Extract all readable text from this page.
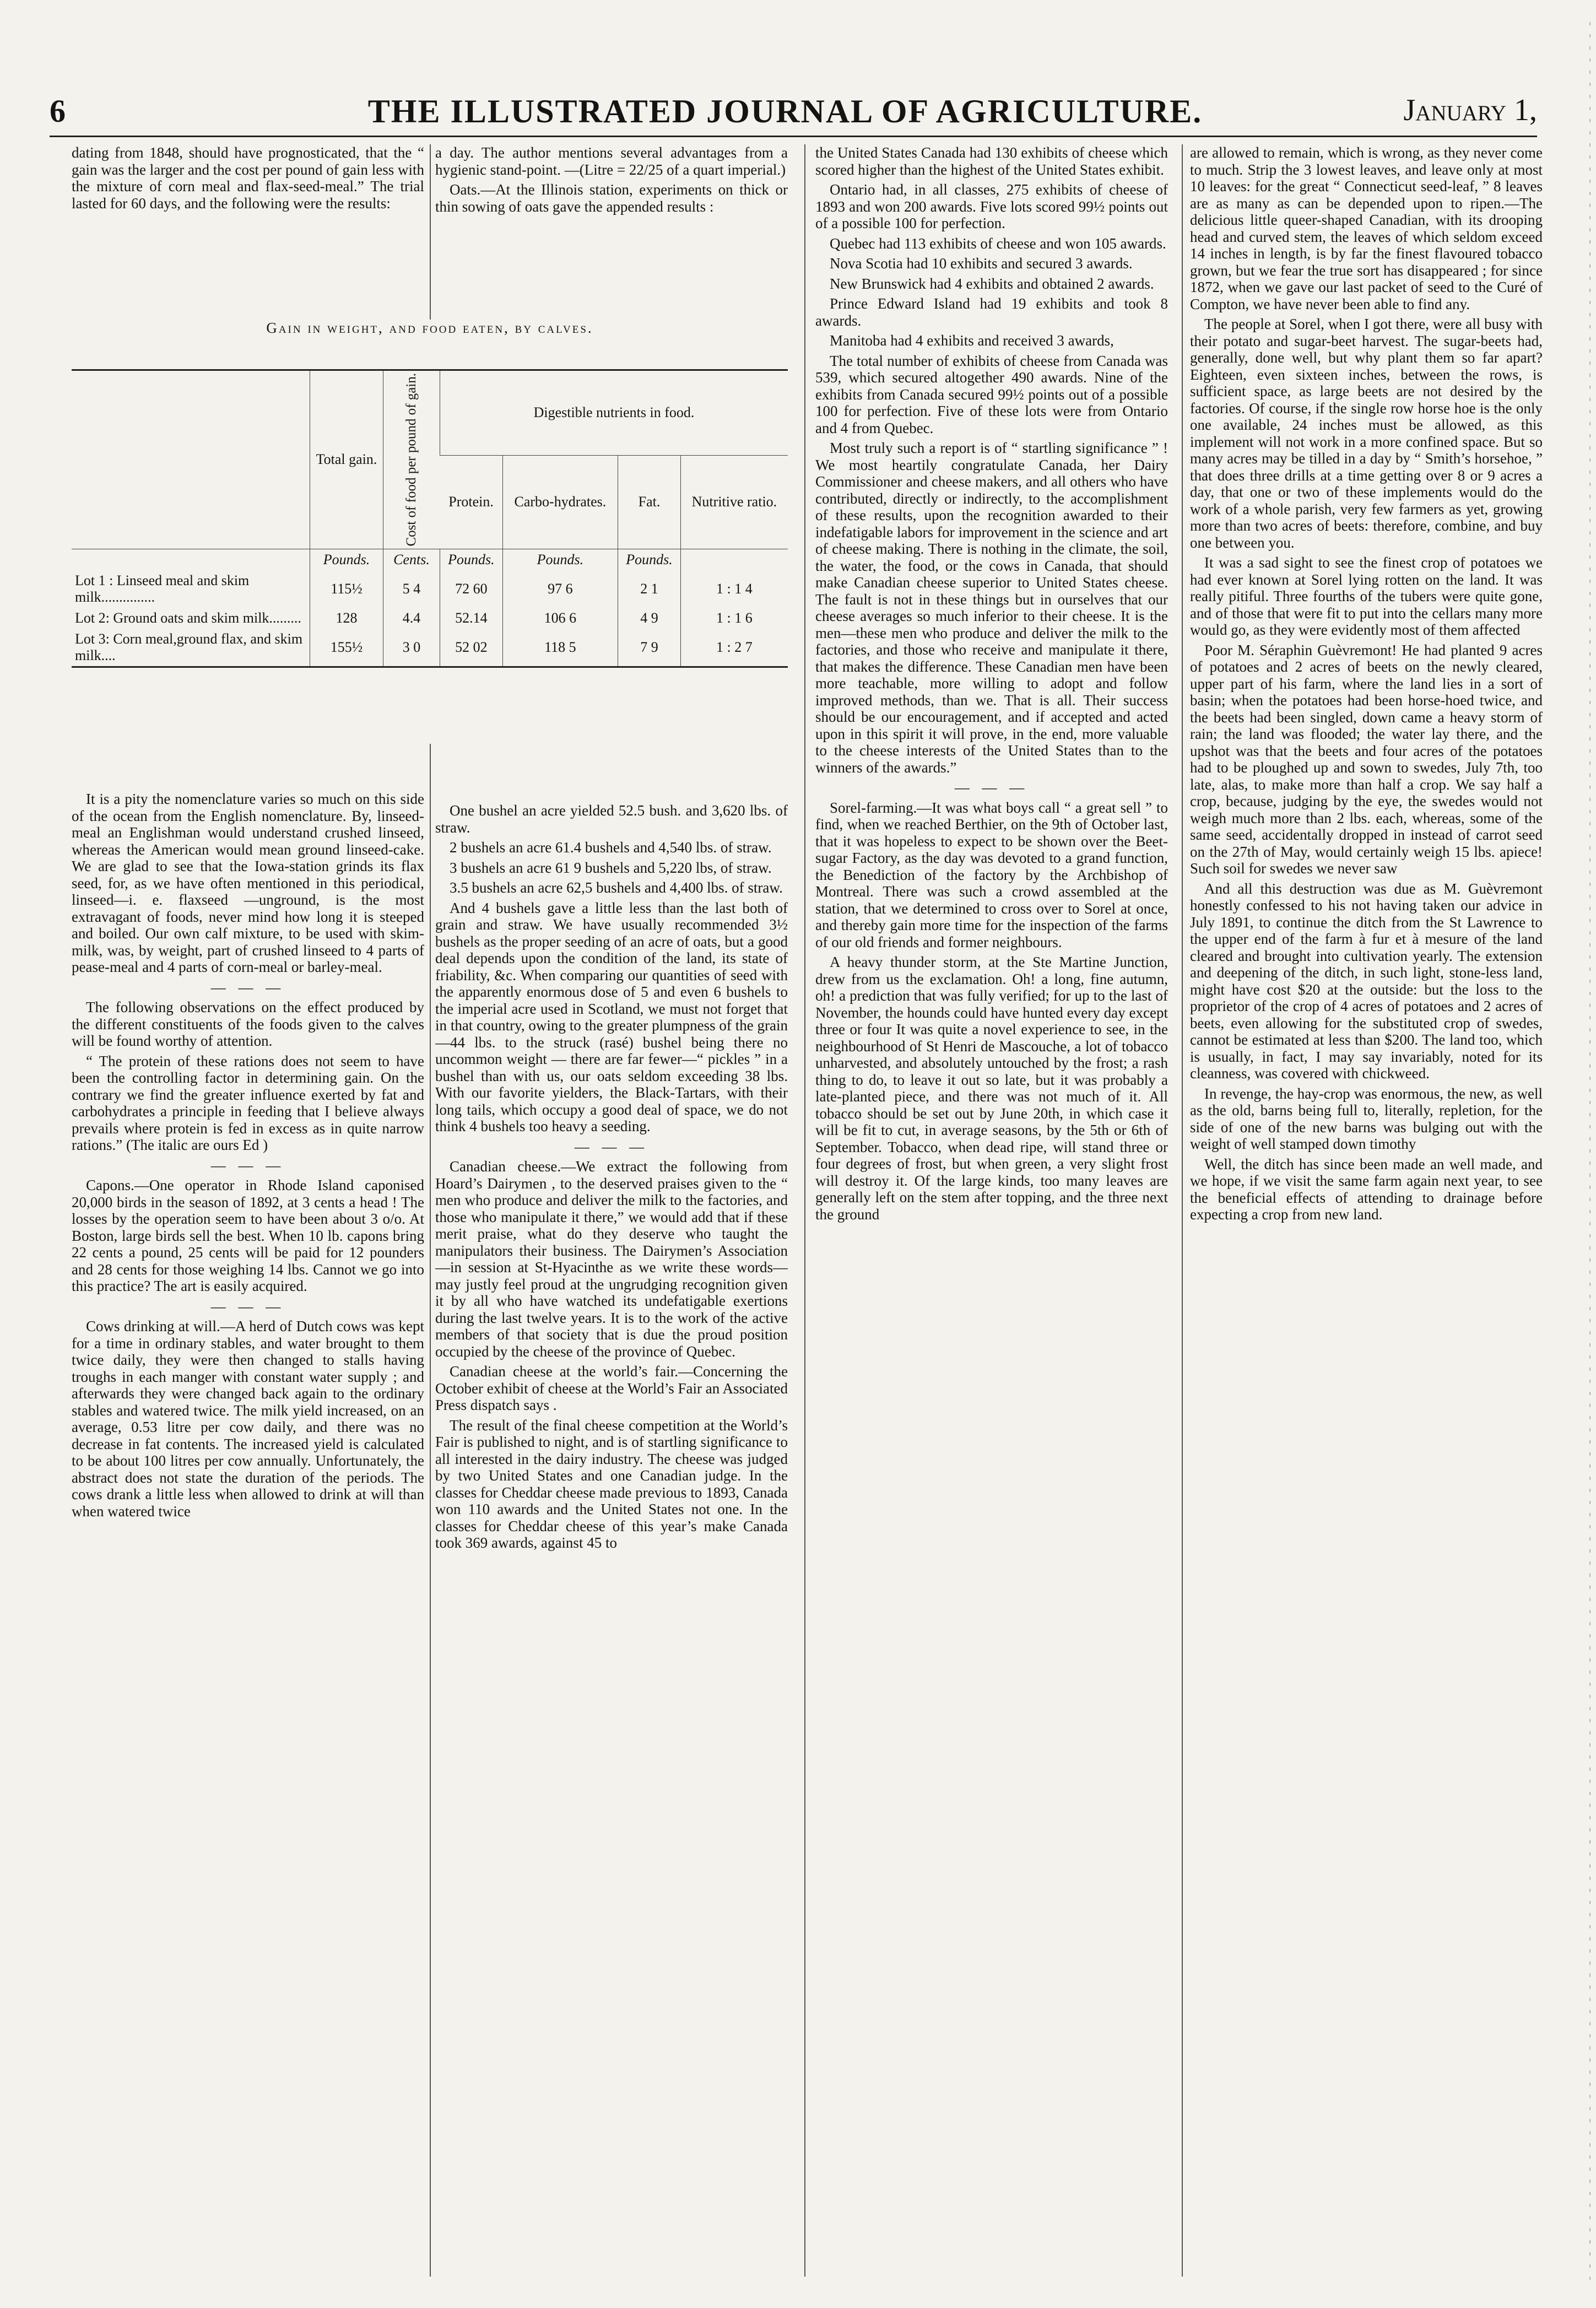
6	THE ILLUSTRATED JOURNAL OF AGRICULTURE.	January 1,

dating from 1848, should have prognosticated, that the “ gain was the larger and the cost per pound of gain less with the mixture of corn meal and flax-seed-meal.” The trial lasted for 60 days, and the following were the results:

It is a pity the nomenclature varies so much on this side of the ocean from the English nomenclature. By, linseed-meal an Englishman would understand crushed linseed, whereas the American would mean ground linseed-cake. We are glad to see that the Iowa-station grinds its flax seed, for, as we have often mentioned in this periodical, linseed—i. e. flaxseed —unground, is the most extravagant of foods, never mind how long it is steeped and boiled. Our own calf mixture, to be used with skim-milk, was, by weight, part of crushed linseed to 4 parts of pease-meal and 4 parts of corn-meal or barley-meal.

— — —

The following observations on the effect produced by the different constituents of the foods given to the calves will be found worthy of attention.

“ The protein of these rations does not seem to have been the controlling factor in determining gain. On the contrary we find the greater influence exerted by fat and carbohydrates a principle in feeding that I believe always prevails where protein is fed in excess as in quite narrow rations.” (The italic are ours Ed )

— — —

Capons.—One operator in Rhode Island caponised 20,000 birds in the season of 1892, at 3 cents a head ! The losses by the operation seem to have been about 3 o/o. At Boston, large birds sell the best. When 10 lb. capons bring 22 cents a pound, 25 cents will be paid for 12 pounders and 28 cents for those weighing 14 lbs. Cannot we go into this practice? The art is easily acquired.

— — —

Cows drinking at will.—A herd of Dutch cows was kept for a time in ordinary stables, and water brought to them twice daily, they were then changed to stalls having troughs in each manger with constant water supply ; and afterwards they were changed back again to the ordinary stables and watered twice. The milk yield increased, on an average, 0.53 litre per cow daily, and there was no decrease in fat contents. The increased yield is calculated to be about 100 litres per cow annually. Unfortunately, the abstract does not state the duration of the periods. The cows drank a little less when allowed to drink at will than when watered twice

a day. The author mentions several advantages from a hygienic stand-point. —(Litre = 22/25 of a quart imperial.)

Oats.—At the Illinois station, experiments on thick or thin sowing of oats gave the appended results :

One bushel an acre yielded 52.5 bush. and 3,620 lbs. of straw.

2 bushels an acre 61.4 bushels and 4,540 lbs. of straw.

3 bushels an acre 61 9 bushels and 5,220 lbs, of straw.

3.5 bushels an acre 62,5 bushels and 4,400 lbs. of straw.

And 4 bushels gave a little less than the last both of grain and straw. We have usually recommended 3½ bushels as the proper seeding of an acre of oats, but a good deal depends upon the condition of the land, its state of friability, &c. When comparing our quantities of seed with the apparently enormous dose of 5 and even 6 bushels to the imperial acre used in Scotland, we must not forget that in that country, owing to the greater plumpness of the grain —44 lbs. to the struck (rasé) bushel being there no uncommon weight — there are far fewer—“ pickles ” in a bushel than with us, our oats seldom exceeding 38 lbs. With our favorite yielders, the Black-Tartars, with their long tails, which occupy a good deal of space, we do not think 4 bushels too heavy a seeding.

— — —

Canadian cheese.—We extract the following from Hoard’s Dairymen , to the deserved praises given to the “ men who produce and deliver the milk to the factories, and those who manipulate it there,” we would add that if these merit praise, what do they deserve who taught the manipulators their business. The Dairymen’s Association—in session at St-Hyacinthe as we write these words—may justly feel proud at the ungrudging recognition given it by all who have watched its undefatigable exertions during the last twelve years. It is to the work of the active members of that society that is due the proud position occupied by the cheese of the province of Quebec.

Canadian cheese at the world’s fair.—Concerning the October exhibit of cheese at the World’s Fair an Associated Press dispatch says .

The result of the final cheese competition at the World’s Fair is published to night, and is of startling significance to all interested in the dairy industry. The cheese was judged by two United States and one Canadian judge. In the classes for Cheddar cheese made previous to 1893, Canada won 110 awards and the United States not one. In the classes for Cheddar cheese of this year’s make Canada took 369 awards, against 45 to

the United States Canada had 130 exhibits of cheese which scored higher than the highest of the United States exhibit.

Ontario had, in all classes, 275 exhibits of cheese of 1893 and won 200 awards. Five lots scored 99½ points out of a possible 100 for perfection.

Quebec had 113 exhibits of cheese and won 105 awards.

Nova Scotia had 10 exhibits and secured 3 awards.

New Brunswick had 4 exhibits and obtained 2 awards.

Prince Edward Island had 19 exhibits and took 8 awards.

Manitoba had 4 exhibits and received 3 awards,

The total number of exhibits of cheese from Canada was 539, which secured altogether 490 awards. Nine of the exhibits from Canada secured 99½ points out of a possible 100 for perfection. Five of these lots were from Ontario and 4 from Quebec.

Most truly such a report is of “ startling significance ” ! We most heartily congratulate Canada, her Dairy Commissioner and cheese makers, and all others who have contributed, directly or indirectly, to the accomplishment of these results, upon the recognition awarded to their indefatigable labors for improvement in the science and art of cheese making. There is nothing in the climate, the soil, the water, the food, or the cows in Canada, that should make Canadian cheese superior to United States cheese. The fault is not in these things but in ourselves that our cheese averages so much inferior to their cheese. It is the men—these men who produce and deliver the milk to the factories, and those who receive and manipulate it there, that makes the difference. These Canadian men have been more teachable, more willing to adopt and follow improved methods, than we. That is all. Their success should be our encouragement, and if accepted and acted upon in this spirit it will prove, in the end, more valuable to the cheese interests of the United States than to the winners of the awards.”

— — —

Sorel-farming.—It was what boys call “ a great sell ” to find, when we reached Berthier, on the 9th of October last, that it was hopeless to expect to be shown over the Beet-sugar Factory, as the day was devoted to a grand function, the Benediction of the factory by the Archbishop of Montreal. There was such a crowd assembled at the station, that we determined to cross over to Sorel at once, and thereby gain more time for the inspection of the farms of our old friends and former neighbours.

A heavy thunder storm, at the Ste Martine Junction, drew from us the exclamation. Oh! a long, fine autumn, oh! a prediction that was fully verified; for up to the last of November, the hounds could have hunted every day except three or four It was quite a novel experience to see, in the neighbourhood of St Henri de Mascouche, a lot of tobacco unharvested, and absolutely untouched by the frost; a rash thing to do, to leave it out so late, but it was probably a late-planted piece, and there was not much of it. All tobacco should be set out by June 20th, in which case it will be fit to cut, in average seasons, by the 5th or 6th of September. Tobacco, when dead ripe, will stand three or four degrees of frost, but when green, a very slight frost will destroy it. Of the large kinds, too many leaves are generally left on the stem after topping, and the three next the ground

are allowed to remain, which is wrong, as they never come to much. Strip the 3 lowest leaves, and leave only at most 10 leaves: for the great “ Connecticut seed-leaf, ” 8 leaves are as many as can be depended upon to ripen.—The delicious little queer-shaped Canadian, with its drooping head and curved stem, the leaves of which seldom exceed 14 inches in length, is by far the finest flavoured tobacco grown, but we fear the true sort has disappeared ; for since 1872, when we gave our last packet of seed to the Curé of Compton, we have never been able to find any.

The people at Sorel, when I got there, were all busy with their potato and sugar-beet harvest. The sugar-beets had, generally, done well, but why plant them so far apart? Eighteen, even sixteen inches, between the rows, is sufficient space, as large beets are not desired by the factories. Of course, if the single row horse hoe is the only one available, 24 inches must be allowed, as this implement will not work in a more confined space. But so many acres may be tilled in a day by “ Smith’s horsehoe, ” that does three drills at a time getting over 8 or 9 acres a day, that one or two of these implements would do the work of a whole parish, very few farmers as yet, growing more than two acres of beets: therefore, combine, and buy one between you.

It was a sad sight to see the finest crop of potatoes we had ever known at Sorel lying rotten on the land. It was really pitiful. Three fourths of the tubers were quite gone, and of those that were fit to put into the cellars many more would go, as they were evidently most of them affected

Poor M. Séraphin Guèvremont! He had planted 9 acres of potatoes and 2 acres of beets on the newly cleared, upper part of his farm, where the land lies in a sort of basin; when the potatoes had been horse-hoed twice, and the beets had been singled, down came a heavy storm of rain; the land was flooded; the water lay there, and the upshot was that the beets and four acres of the potatoes had to be ploughed up and sown to swedes, July 7th, too late, alas, to make more than half a crop. We say half a crop, because, judging by the eye, the swedes would not weigh much more than 2 lbs. each, whereas, some of the same seed, accidentally dropped in instead of carrot seed on the 27th of May, would certainly weigh 15 lbs. apiece! Such soil for swedes we never saw

And all this destruction was due as M. Guèvremont honestly confessed to his not having taken our advice in July 1891, to continue the ditch from the St Lawrence to the upper end of the farm à fur et à mesure of the land cleared and brought into cultivation yearly. The extension and deepening of the ditch, in such light, stone-less land, might have cost $20 at the outside: but the loss to the proprietor of the crop of 4 acres of potatoes and 2 acres of beets, even allowing for the substituted crop of swedes, cannot be estimated at less than $200. The land too, which is usually, in fact, I may say invariably, noted for its cleanness, was covered with chickweed.

In revenge, the hay-crop was enormous, the new, as well as the old, barns being full to, literally, repletion, for the side of one of the new barns was bulging out with the weight of well stamped down timothy

Well, the ditch has since been made an well made, and we hope, if we visit the same farm again next year, to see the beneficial effects of attending to drainage before expecting a crop from new land.

Gain in weight, and food eaten, by calves.
	Total gain.	Cost of food per pound of gain.	Digestible nutrients in food.			
			Protein.	Carbo-hydrates.	Fat.	Nutritive ratio.
	Pounds.	Cents.	Pounds.	Pounds.	Pounds.	
Lot 1 : Linseed meal and skim milk...............	115½	5 4	72 60	97 6	2 1	1 : 1 4
Lot 2: Ground oats and skim milk.........	128	4.4	52.14	106 6	4 9	1 : 1 6
Lot 3: Corn meal,ground flax, and skim milk....	155½	3 0	52 02	118 5	7 9	1 : 2 7
